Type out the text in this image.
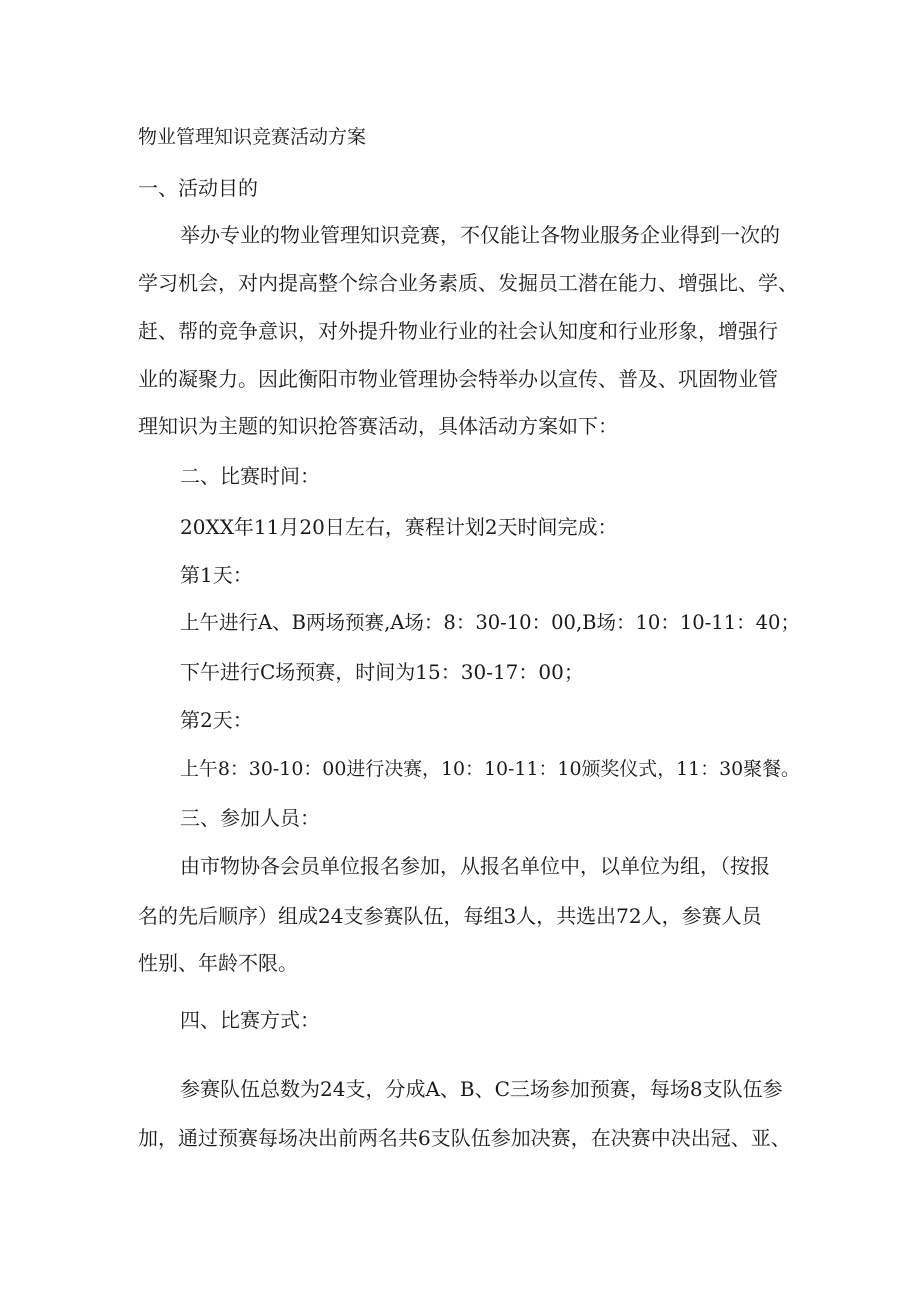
物业管理知识竞赛活动方案
一、活动目的
举办专业的物业管理知识竞赛，不仅能让各物业服务企业得到一次的
学习机会，对内提高整个综合业务素质、发掘员工潜在能力、增强比、学、
赶、帮的竞争意识，对外提升物业行业的社会认知度和行业形象，增强行
业的凝聚力。因此衡阳市物业管理协会特举办以宣传、普及、巩固物业管
理知识为主题的知识抢答赛活动，具体活动方案如下：
二、比赛时间：
20XX年11月20日左右，赛程计划2天时间完成：
第1天：
上午进行A、B两场预赛,A场：8：30-10：00,B场：10：10-11：40；
下午进行C场预赛，时间为15：30-17：00；
第2天：
上午8：30-10：00进行决赛，10：10-11：10颁奖仪式，11：30聚餐。
三、参加人员：
由市物协各会员单位报名参加，从报名单位中，以单位为组，（按报
名的先后顺序）组成24支参赛队伍，每组3人，共选出72人，参赛人员
性别、年龄不限。
四、比赛方式：
参赛队伍总数为24支，分成A、B、C三场参加预赛，每场8支队伍参
加，通过预赛每场决出前两名共6支队伍参加决赛，在决赛中决出冠、亚、
